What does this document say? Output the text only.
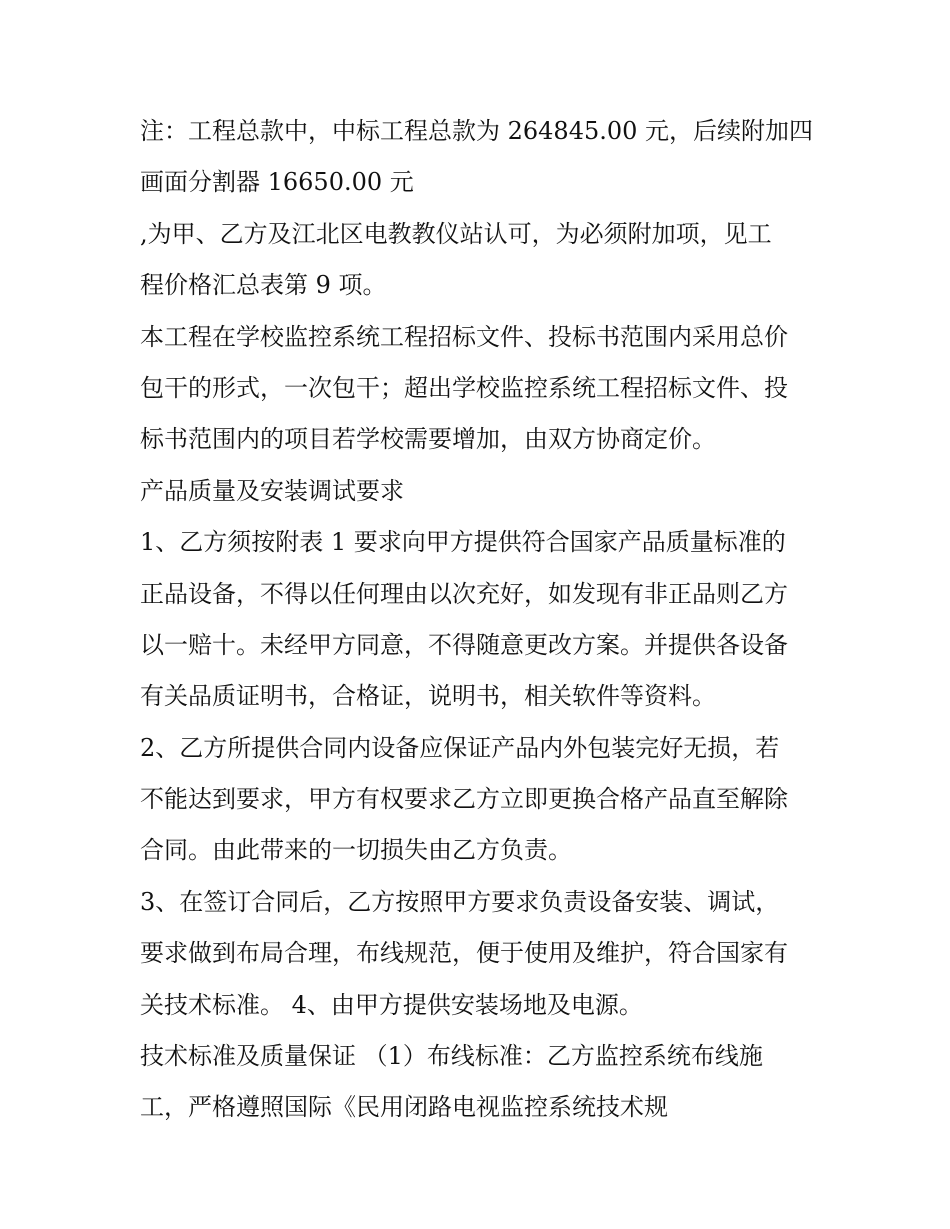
注：工程总款中，中标工程总款为 264845.00 元，后续附加四
画面分割器 16650.00 元
,为甲、乙方及江北区电教教仪站认可，为必须附加项，见工
程价格汇总表第 9 项。
本工程在学校监控系统工程招标文件、投标书范围内采用总价
包干的形式，一次包干；超出学校监控系统工程招标文件、投
标书范围内的项目若学校需要增加，由双方协商定价。
产品质量及安装调试要求
1、乙方须按附表 1 要求向甲方提供符合国家产品质量标准的
正品设备，不得以任何理由以次充好，如发现有非正品则乙方
以一赔十。未经甲方同意，不得随意更改方案。并提供各设备
有关品质证明书，合格证，说明书，相关软件等资料。
2、乙方所提供合同内设备应保证产品内外包装完好无损，若
不能达到要求，甲方有权要求乙方立即更换合格产品直至解除
合同。由此带来的一切损失由乙方负责。
3、在签订合同后，乙方按照甲方要求负责设备安装、调试，
要求做到布局合理，布线规范，便于使用及维护，符合国家有
关技术标准。 4、由甲方提供安装场地及电源。
技术标准及质量保证 （1）布线标准：乙方监控系统布线施
工，严格遵照国际《民用闭路电视监控系统技术规
